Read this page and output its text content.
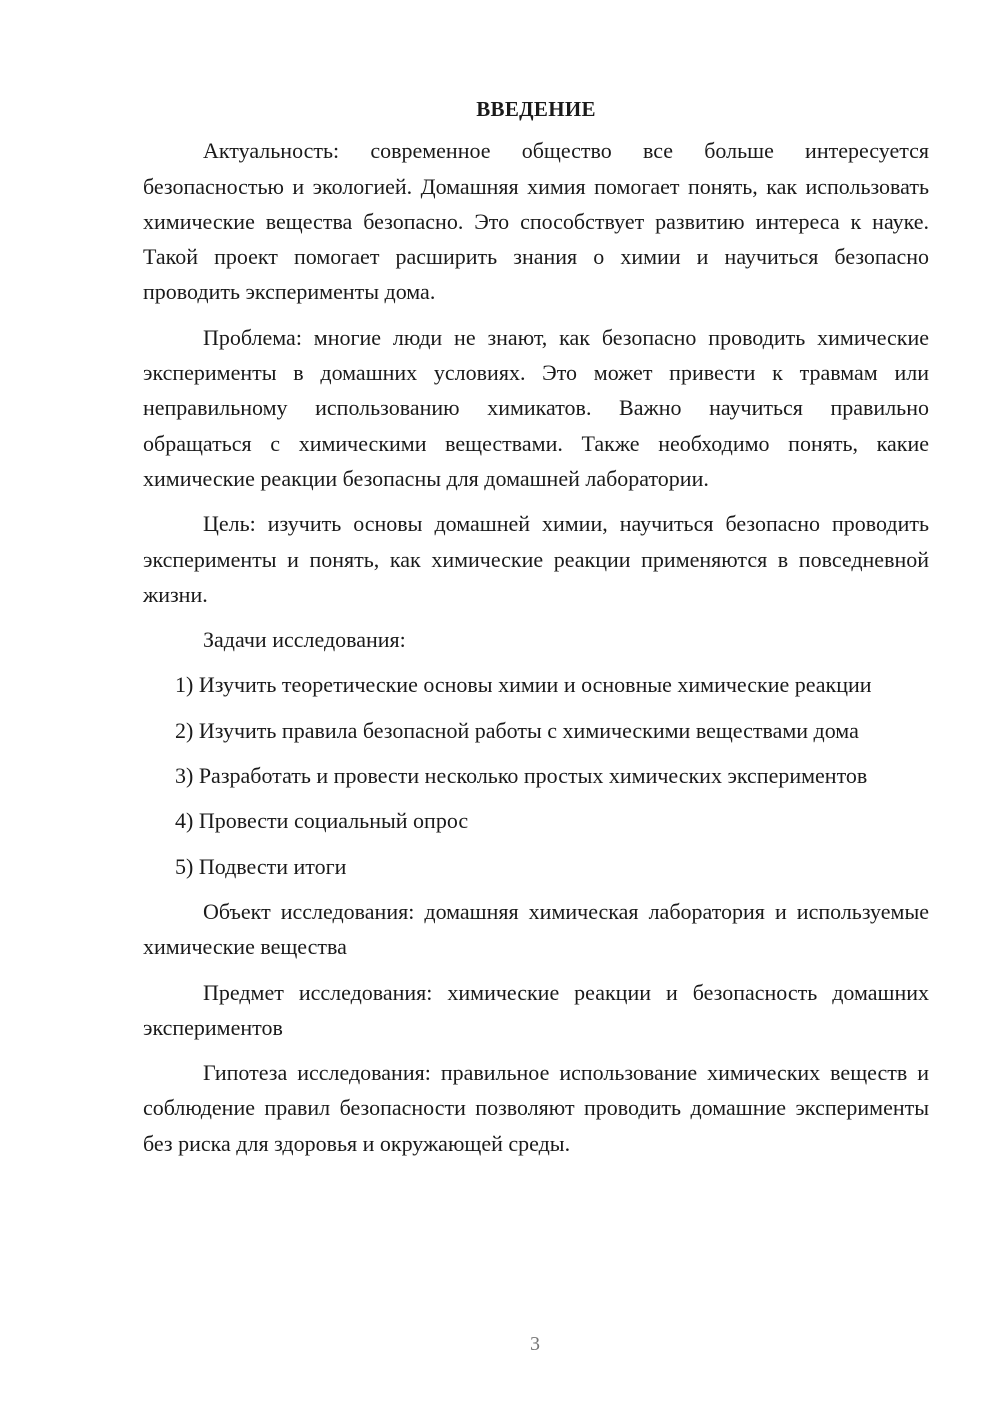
ВВЕДЕНИЕ

Актуальность: современное общество все больше интересуется безопасностью и экологией. Домашняя химия помогает понять, как использовать химические вещества безопасно. Это способствует развитию интереса к науке. Такой проект помогает расширить знания о химии и научиться безопасно проводить эксперименты дома.

Проблема: многие люди не знают, как безопасно проводить химические эксперименты в домашних условиях. Это может привести к травмам или неправильному использованию химикатов. Важно научиться правильно обращаться с химическими веществами. Также необходимо понять, какие химические реакции безопасны для домашней лаборатории.

Цель: изучить основы домашней химии, научиться безопасно проводить эксперименты и понять, как химические реакции применяются в повседневной жизни.

Задачи исследования:

1) Изучить теоретические основы химии и основные химические реакции

2) Изучить правила безопасной работы с химическими веществами дома

3) Разработать и провести несколько простых химических экспериментов

4) Провести социальный опрос

5) Подвести итоги

Объект исследования: домашняя химическая лаборатория и используемые химические вещества

Предмет исследования: химические реакции и безопасность домашних экспериментов

Гипотеза исследования: правильное использование химических веществ и соблюдение правил безопасности позволяют проводить домашние эксперименты без риска для здоровья и окружающей среды.

3
